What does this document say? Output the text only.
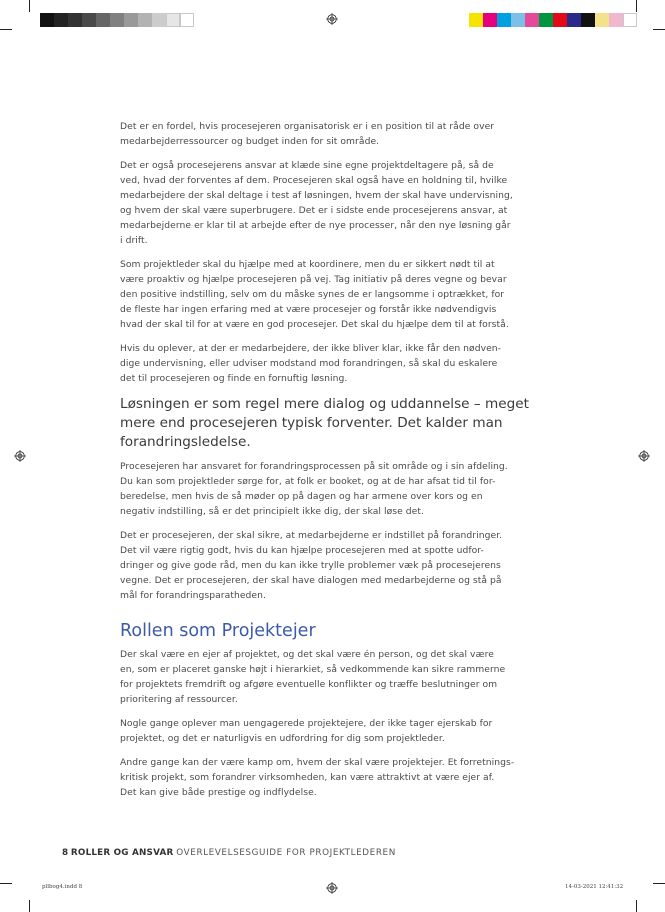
Det er en fordel, hvis procesejeren organisatorisk er i en position til at råde over
medarbejderressourcer og budget inden for sit område.

Det er også procesejerens ansvar at klæde sine egne projektdeltagere på, så de
ved, hvad der forventes af dem. Procesejeren skal også have en holdning til, hvilke
medarbejdere der skal deltage i test af løsningen, hvem der skal have undervisning,
og hvem der skal være superbrugere. Det er i sidste ende procesejerens ansvar, at
medarbejderne er klar til at arbejde efter de nye processer, når den nye løsning går
i drift.

Som projektleder skal du hjælpe med at koordinere, men du er sikkert nødt til at
være proaktiv og hjælpe procesejeren på vej. Tag initiativ på deres vegne og bevar
den positive indstilling, selv om du måske synes de er langsomme i optrækket, for
de fleste har ingen erfaring med at være procesejer og forstår ikke nødvendigvis
hvad der skal til for at være en god procesejer. Det skal du hjælpe dem til at forstå.

Hvis du oplever, at der er medarbejdere, der ikke bliver klar, ikke får den nødven-
dige undervisning, eller udviser modstand mod forandringen, så skal du eskalere
det til procesejeren og finde en fornuftig løsning.

Løsningen er som regel mere dialog og uddannelse – meget
mere end procesejeren typisk forventer. Det kalder man
forandringsledelse.

Procesejeren har ansvaret for forandringsprocessen på sit område og i sin afdeling.
Du kan som projektleder sørge for, at folk er booket, og at de har afsat tid til for-
beredelse, men hvis de så møder op på dagen og har armene over kors og en
negativ indstilling, så er det principielt ikke dig, der skal løse det.

Det er procesejeren, der skal sikre, at medarbejderne er indstillet på forandringer.
Det vil være rigtig godt, hvis du kan hjælpe procesejeren med at spotte udfor-
dringer og give gode råd, men du kan ikke trylle problemer væk på procesejerens
vegne. Det er procesejeren, der skal have dialogen med medarbejderne og stå på
mål for forandringsparatheden.

Rollen som Projektejer

Der skal være en ejer af projektet, og det skal være én person, og det skal være
en, som er placeret ganske højt i hierarkiet, så vedkommende kan sikre rammerne
for projektets fremdrift og afgøre eventuelle konflikter og træffe beslutninger om
prioritering af ressourcer.

Nogle gange oplever man uengagerede projektejere, der ikke tager ejerskab for
projektet, og det er naturligvis en udfordring for dig som projektleder.

Andre gange kan der være kamp om, hvem der skal være projektejer. Et forretnings-
kritisk projekt, som forandrer virksomheden, kan være attraktivt at være ejer af.
Det kan give både prestige og indflydelse.

8 ROLLER OG ANSVAR OVERLEVELSESGUIDE FOR PROJEKTLEDEREN
pllbog4.indd 8	14-03-2021 12:41:32
